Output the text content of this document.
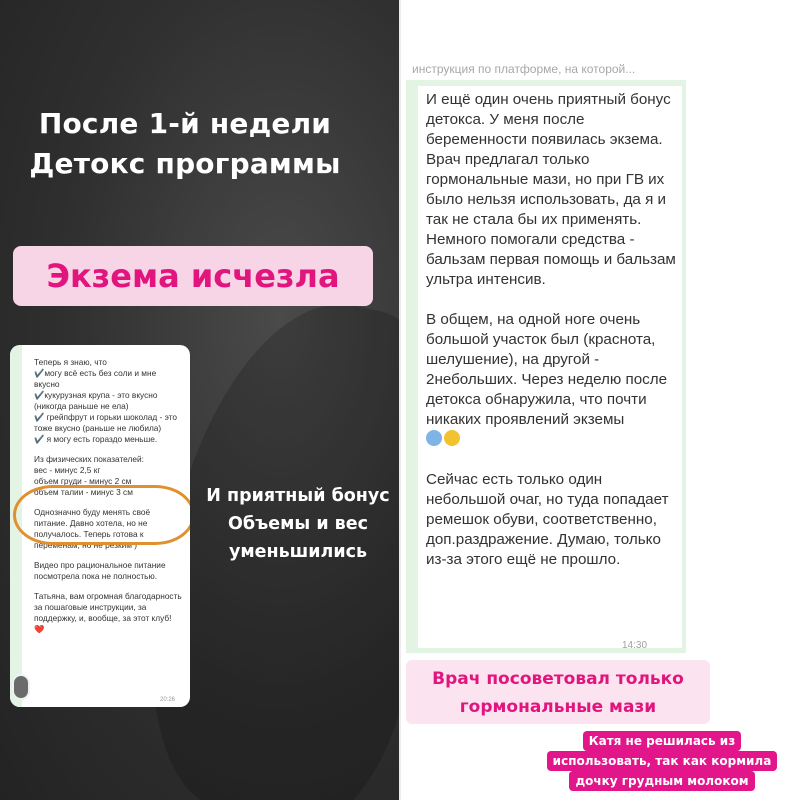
После 1-й недели
Детокс программы
Экзема исчезла
Теперь я знаю, что
✔️могу всё есть без соли и мне вкусно
✔️кукурузная крупа - это вкусно (никогда раньше не ела)
✔️ грейпфрут и горьки шоколад - это тоже вкусно (раньше не любила)
✔️ я могу есть гораздо меньше.
Из физических показателей:
вес - минус 2,5 кг
объем груди - минус 2 см
объем талии - минус 3 см
Однозначно буду менять своё питание. Давно хотела, но не получалось. Теперь готова к переменам, но не резким )
Видео про рациональное питание посмотрела пока не полностью.
Татьяна, вам огромная благодарность за пошаговые инструкции, за поддержку, и, вообще, за этот клуб! ❤️
20:26
И приятный бонус
Объемы и вес
уменьшились
инструкция по платформе, на которой...
И ещё один очень приятный бонус детокса. У меня после беременности появилась экзема. Врач предлагал только гормональные мази, но при ГВ их было нельзя использовать, да я и так не стала бы их применять. Немного помогали средства - бальзам первая помощь и бальзам ультра интенсив.
В общем, на одной ноге очень большой участок был (краснота, шелушение), на другой - 2небольших. Через неделю после детокса обнаружила, что почти никаких проявлений экземы

Сейчас есть только один небольшой очаг, но туда попадает ремешок обуви, соответственно, доп.раздражение. Думаю, только из-за этого ещё не прошло.
14:30
Врач посоветовал только
гормональные мази
Катя не решилась из
использовать, так как кормила
дочку грудным молоком
